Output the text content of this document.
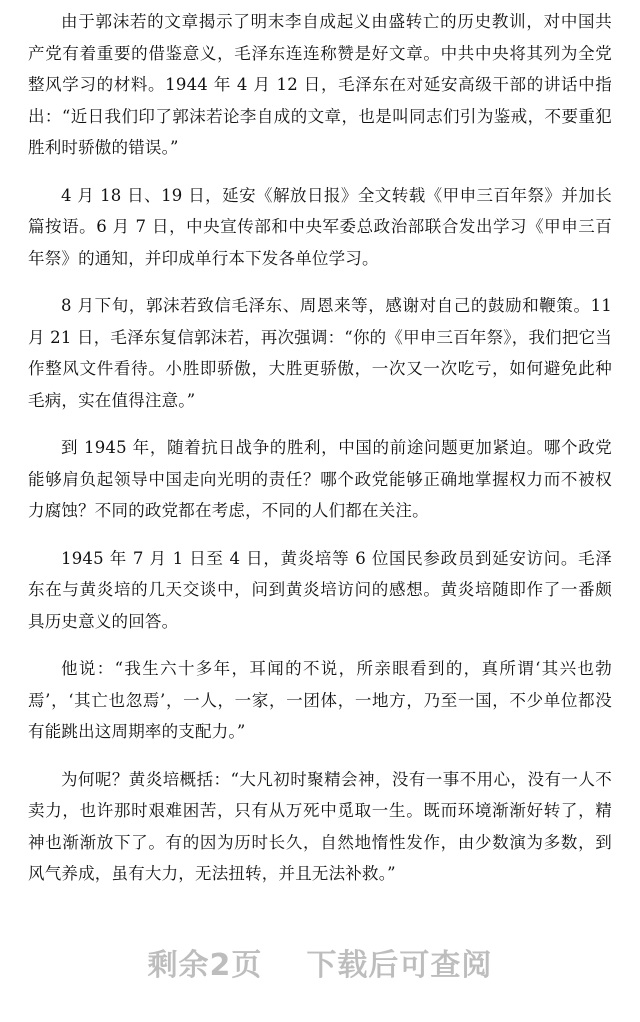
由于郭沫若的文章揭示了明末李自成起义由盛转亡的历史教训，对中国共产党有着重要的借鉴意义，毛泽东连连称赞是好文章。中共中央将其列为全党整风学习的材料。1944 年 4 月 12 日，毛泽东在对延安高级干部的讲话中指出：“近日我们印了郭沫若论李自成的文章，也是叫同志们引为鉴戒，不要重犯胜利时骄傲的错误。”

4 月 18 日、19 日，延安《解放日报》全文转载《甲申三百年祭》并加长篇按语。6 月 7 日，中央宣传部和中央军委总政治部联合发出学习《甲申三百年祭》的通知，并印成单行本下发各单位学习。

8 月下旬，郭沫若致信毛泽东、周恩来等，感谢对自己的鼓励和鞭策。11 月 21 日，毛泽东复信郭沫若，再次强调：“你的《甲申三百年祭》，我们把它当作整风文件看待。小胜即骄傲，大胜更骄傲，一次又一次吃亏，如何避免此种毛病，实在值得注意。”

到 1945 年，随着抗日战争的胜利，中国的前途问题更加紧迫。哪个政党能够肩负起领导中国走向光明的责任？哪个政党能够正确地掌握权力而不被权力腐蚀？不同的政党都在考虑，不同的人们都在关注。

1945 年 7 月 1 日至 4 日，黄炎培等 6 位国民参政员到延安访问。毛泽东在与黄炎培的几天交谈中，问到黄炎培访问的感想。黄炎培随即作了一番颇具历史意义的回答。

他说：“我生六十多年，耳闻的不说，所亲眼看到的，真所谓‘其兴也勃焉’，‘其亡也忽焉’，一人，一家，一团体，一地方，乃至一国，不少单位都没有能跳出这周期率的支配力。”

为何呢？黄炎培概括：“大凡初时聚精会神，没有一事不用心，没有一人不卖力，也许那时艰难困苦，只有从万死中觅取一生。既而环境渐渐好转了，精神也渐渐放下了。有的因为历时长久，自然地惰性发作，由少数演为多数，到风气养成，虽有大力，无法扭转，并且无法补救。”

剩余2页 下载后可查阅
